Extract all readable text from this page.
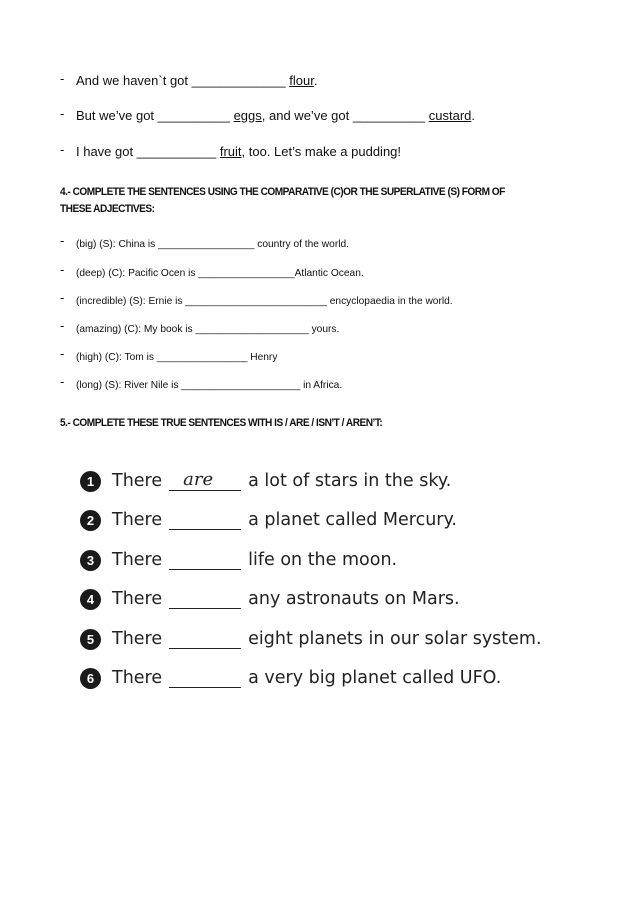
- And we haven`t got _____________ flour.
- But we’ve got __________ eggs, and we’ve got __________ custard.
- I have got ___________ fruit, too. Let’s make a pudding!
4.- COMPLETE THE SENTENCES USING THE COMPARATIVE (C)OR THE SUPERLATIVE (S) FORM OF
THESE ADJECTIVES:
- (big) (S): China is _________________ country of the world.
- (deep) (C): Pacific Ocen is _________________Atlantic Ocean.
- (incredible) (S): Ernie is _________________________ encyclopaedia in the world.
- (amazing) (C): My book is ____________________ yours.
- (high) (C): Tom is ________________ Henry
- (long) (S): River Nile is _____________________ in Africa.
5.- COMPLETE THESE TRUE SENTENCES WITH IS / ARE / ISN’T / AREN’T:
1	There are a lot of stars in the sky.
2	There	a planet called Mercury.
3	There	life on the moon.
4	There	any astronauts on Mars.
5	There	eight planets in our solar system.
6	There	a very big planet called UFO.
